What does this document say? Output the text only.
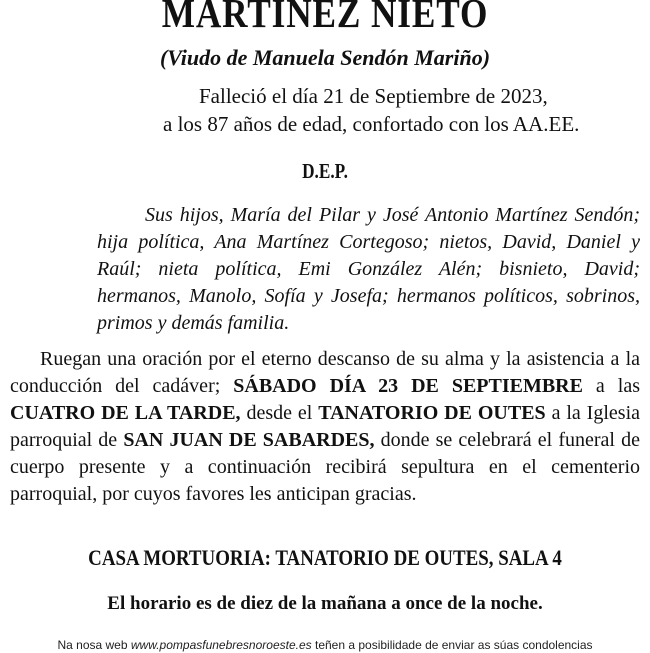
MARTINEZ NIETO
(Viudo de Manuela Sendón Mariño)
Falleció el día 21 de Septiembre de 2023,
a los 87 años de edad, confortado con los AA.EE.
D.E.P.
Sus hijos, María del Pilar y José Antonio Martínez Sendón; hija política, Ana Martínez Cortegoso; nietos, David, Daniel y Raúl; nieta política, Emi González Alén; bisnieto, David; hermanos, Manolo, Sofía y Josefa; hermanos políticos, sobrinos, primos y demás familia.
Ruegan una oración por el eterno descanso de su alma y la asistencia a la conducción del cadáver; SÁBADO DÍA 23 DE SEPTIEMBRE a las CUATRO DE LA TARDE, desde el TANATORIO DE OUTES a la Iglesia parroquial de SAN JUAN DE SABARDES, donde se celebrará el funeral de cuerpo presente y a continuación recibirá sepultura en el cementerio parroquial, por cuyos favores les anticipan gracias.
CASA MORTUORIA: TANATORIO DE OUTES, SALA 4
El horario es de diez de la mañana a once de la noche.
Na nosa web www.pompasfunebresnoroeste.es teñen a posibilidade de enviar as súas condolencias
